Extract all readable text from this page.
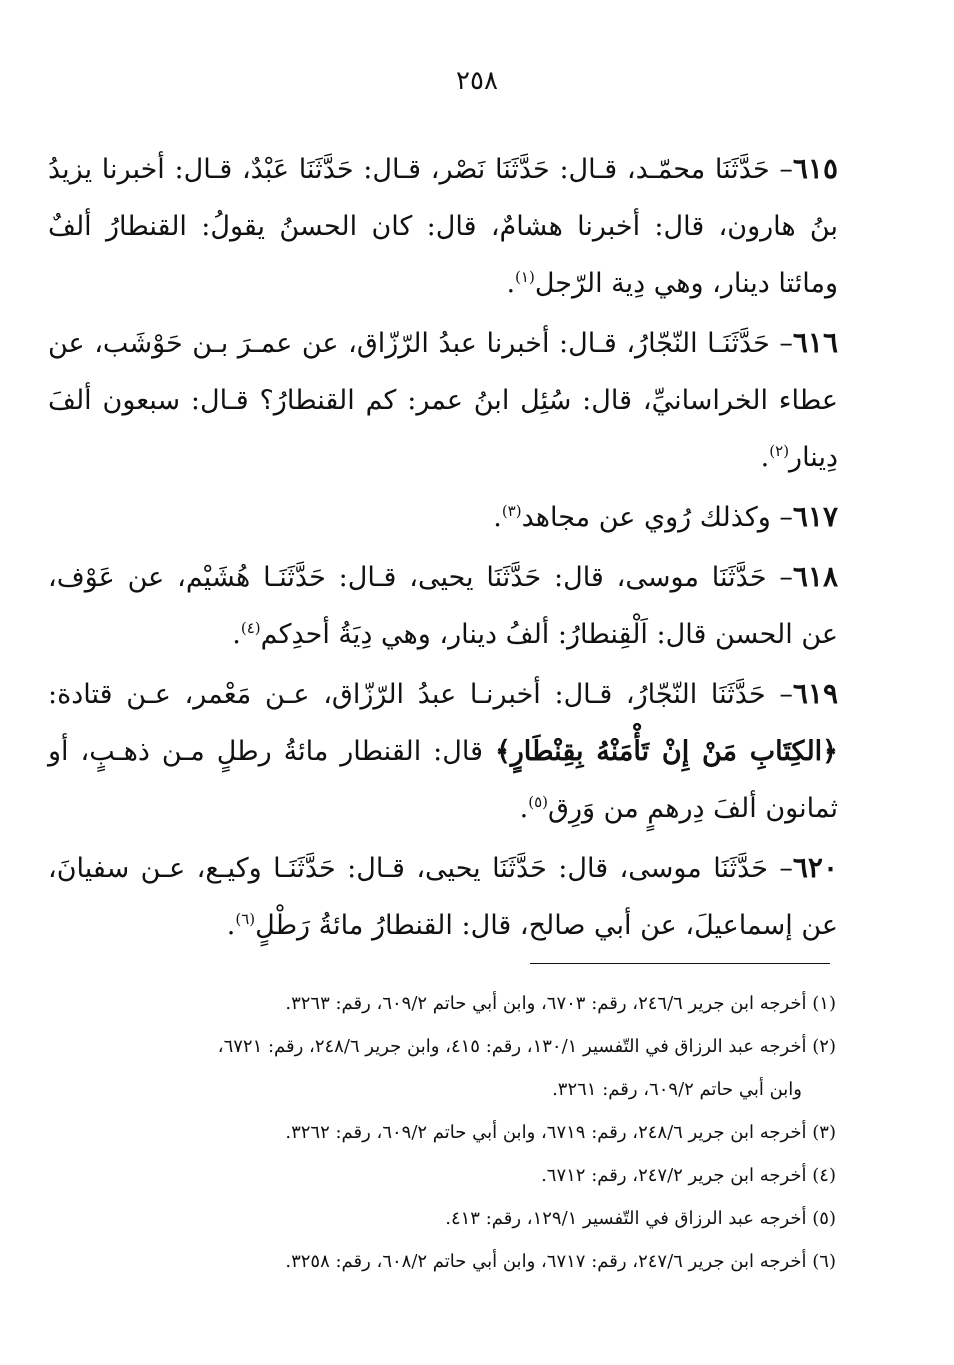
٢٥٨

٦١٥– حَدَّثَنَا محمّـد، قـال: حَدَّثَنَا نَصْر، قـال: حَدَّثَنَا عَبْدٌ، قـال: أخبرنا يزيدُ بنُ هارون، قال: أخبرنا هشامٌ، قال: كان الحسنُ يقولُ: القنطارُ ألفٌ ومائتا دينار، وهي دِية الرّجل$^{(١)}$.

٦١٦– حَدَّثَنَـا النّجّارُ، قـال: أخبرنا عبدُ الرّزّاق، عن عمـرَ بـن حَوْشَب، عن عطاء الخراسانيِّ، قال: سُئِل ابنُ عمر: كم القنطارُ؟ قـال: سبعون ألفَ دِينار$^{(٢)}$.

٦١٧– وكذلك رُوي عن مجاهد$^{(٣)}$.

٦١٨– حَدَّثَنَا موسى، قال: حَدَّثَنَا يحيى، قـال: حَدَّثَنَـا هُشَيْم، عن عَوْف، عن الحسن قال: اَلْقِنطارُ: ألفُ دينار، وهي دِيَةُ أحدِكم$^{(٤)}$.

٦١٩– حَدَّثَنَا النّجّارُ، قـال: أخبرنـا عبدُ الرّزّاق، عـن مَعْمر، عـن قتادة: ﴿الكِتَابِ مَنْ إِنْ تَأْمَنْهُ بِقِنْطَارٍ﴾ قال: القنطار مائةُ رطلٍ مـن ذهـبٍ، أو ثمانون ألفَ دِرهمٍ من وَرِق$^{(٥)}$.

٦٢٠– حَدَّثَنَا موسى، قال: حَدَّثَنَا يحيى، قـال: حَدَّثَنَـا وكيـع، عـن سفيانَ، عن إسماعيلَ، عن أبي صالح، قال: القنطارُ مائةُ رَطْلٍ$^{(٦)}$.

(١) أخرجه ابن جرير ٢٤٦/٦، رقم: ٦٧٠٣، وابن أبي حاتم ٦٠٩/٢، رقم: ٣٢٦٣.

(٢) أخرجه عبد الرزاق في التّفسير ١٣٠/١، رقم: ٤١٥، وابن جرير ٢٤٨/٦، رقم: ٦٧٢١،

وابن أبي حاتم ٦٠٩/٢، رقم: ٣٢٦١.

(٣) أخرجه ابن جرير ٢٤٨/٦، رقم: ٦٧١٩، وابن أبي حاتم ٦٠٩/٢، رقم: ٣٢٦٢.

(٤) أخرجه ابن جرير ٢٤٧/٢، رقم: ٦٧١٢.

(٥) أخرجه عبد الرزاق في التّفسير ١٢٩/١، رقم: ٤١٣.

(٦) أخرجه ابن جرير ٢٤٧/٦، رقم: ٦٧١٧، وابن أبي حاتم ٦٠٨/٢، رقم: ٣٢٥٨.
